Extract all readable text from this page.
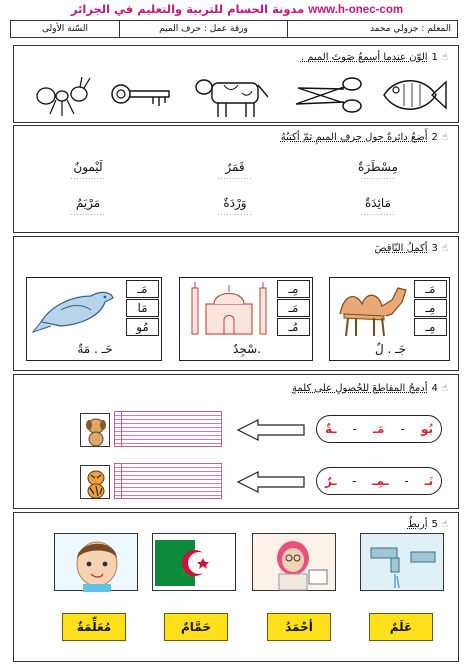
www.h-onec-com مدونة الحسام للتربية والتعليم في الجزائر
المعلم : جزولي محمد
ورقة عمل : حرف الميم
السّنة الأولى
☝
1
الوّن عندما أسمعُ صَوتَ الميم .
☝
2
أَضعُ دائرةً حول حرفِ الميمِ ثمّ أكتبُهُ
مِسْطَرَةٌ
............
قَمَرٌ
............
لَيْمونٌ
............
مَائِدَةٌ
............
وَرْدَةٌ
............
مَرْيَمُ
............
☝
3
أكمِلُ النّاقِصَ
مَـ
مِـ
مِـ
جَـ . لٌ
مِـ
مَـ
مُـ
.سْجِدٌ
مَـ
مَا
مُو
حَـ . مَةٌ
☝
4
أدمِجُ المقاطعَ للحُصولِ على كلمةٍ
بُو
-
مَـ
-
ـةٌ
نَـ
-
ـمِـ
-
ـرٌ
☝
5
أربطُ
عَلَمٌ
أحْمَدُ
حَمَّامٌ
مُعَلِّمَةٌ
